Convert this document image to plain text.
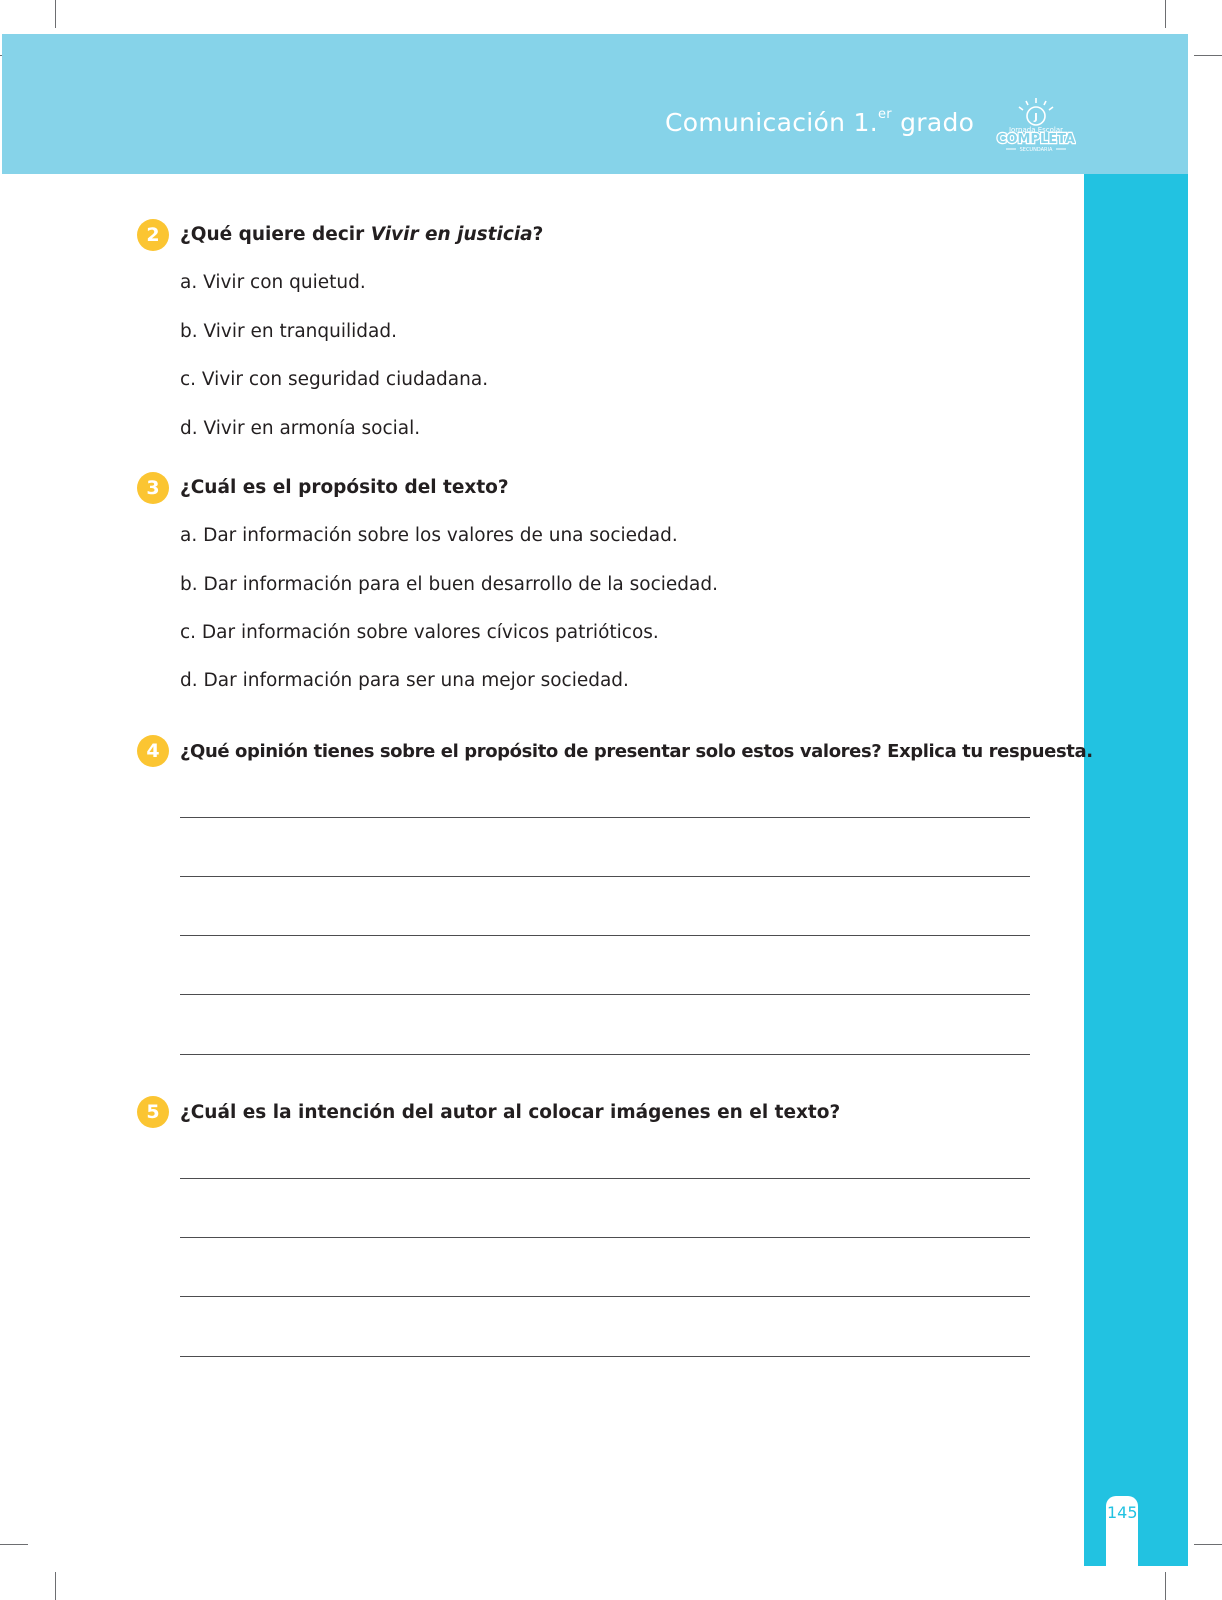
Comunicación 1.$^{er}$ grado	J
Jornada Escolar
COMPLETA
SECUNDARIA
145
2	¿Qué quiere decir Vivir en justicia?
a. Vivir con quietud.
b. Vivir en tranquilidad.
c. Vivir con seguridad ciudadana.
d. Vivir en armonía social.
3	¿Cuál es el propósito del texto?
a. Dar información sobre los valores de una sociedad.
b. Dar información para el buen desarrollo de la sociedad.
c. Dar información sobre valores cívicos patrióticos.
d. Dar información para ser una mejor sociedad.
4	¿Qué opinión tienes sobre el propósito de presentar solo estos valores? Explica tu respuesta.
5	¿Cuál es la intención del autor al colocar imágenes en el texto?
